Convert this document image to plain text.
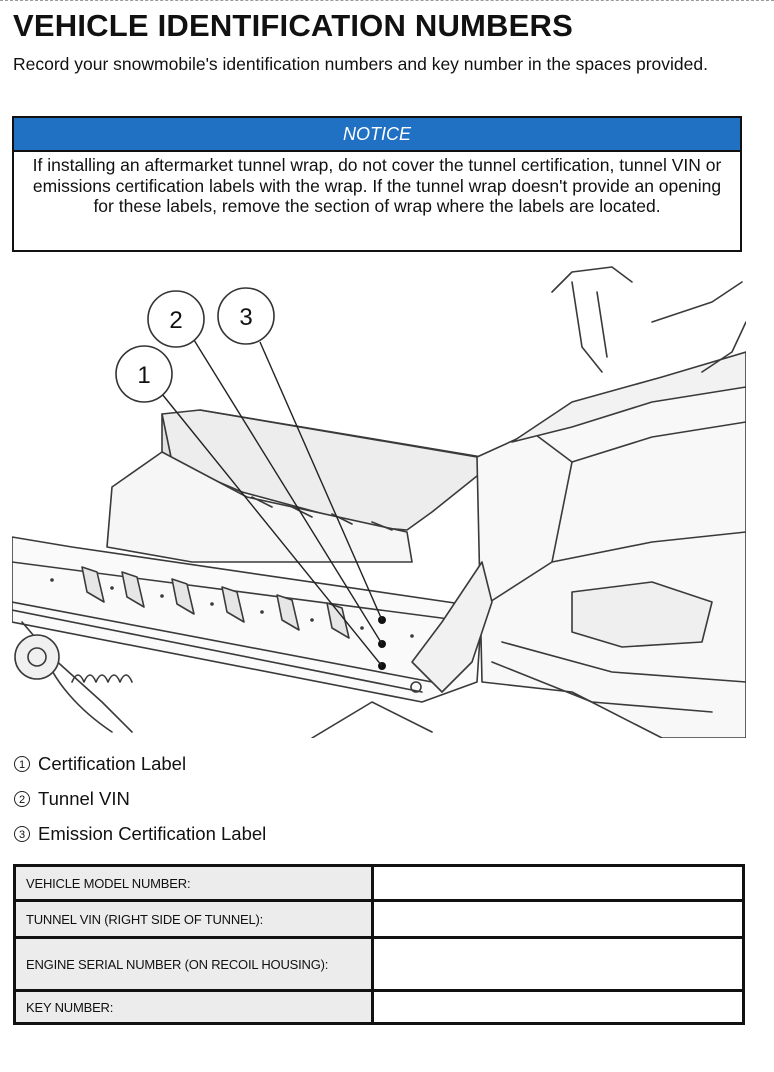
VEHICLE IDENTIFICATION NUMBERS
Record your snowmobile's identification numbers and key number in the spaces provided.
NOTICE
If installing an aftermarket tunnel wrap, do not cover the tunnel certification, tunnel VIN or emissions certification labels with the wrap. If the tunnel wrap doesn't provide an opening for these labels, remove the section of wrap where the labels are located.
1
2 3
1 Certification Label
2 Tunnel VIN
3 Emission Certification Label
VEHICLE MODEL NUMBER:	
TUNNEL VIN (RIGHT SIDE OF TUNNEL):	
ENGINE SERIAL NUMBER (ON RECOIL HOUSING):	
KEY NUMBER:	
